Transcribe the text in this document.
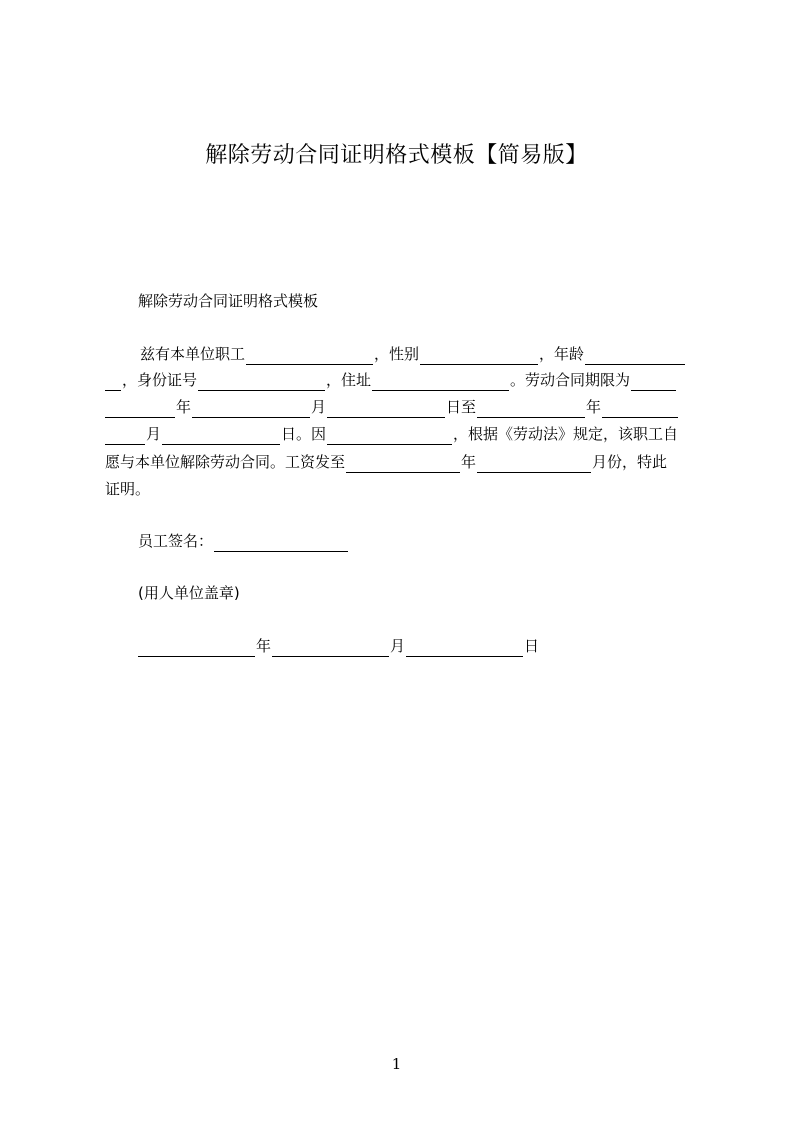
解除劳动合同证明格式模板【简易版】
解除劳动合同证明格式模板
兹有本单位职工	，性别	，年龄
，身份证号	，住址	。劳动合同期限为
年	月	日至	年
月	日。因	，根据《劳动法》规定，该职工自
愿与本单位解除劳动合同。工资发至	年	月份，特此
证明。
员工签名：
(用人单位盖章)
年	月	日
1
